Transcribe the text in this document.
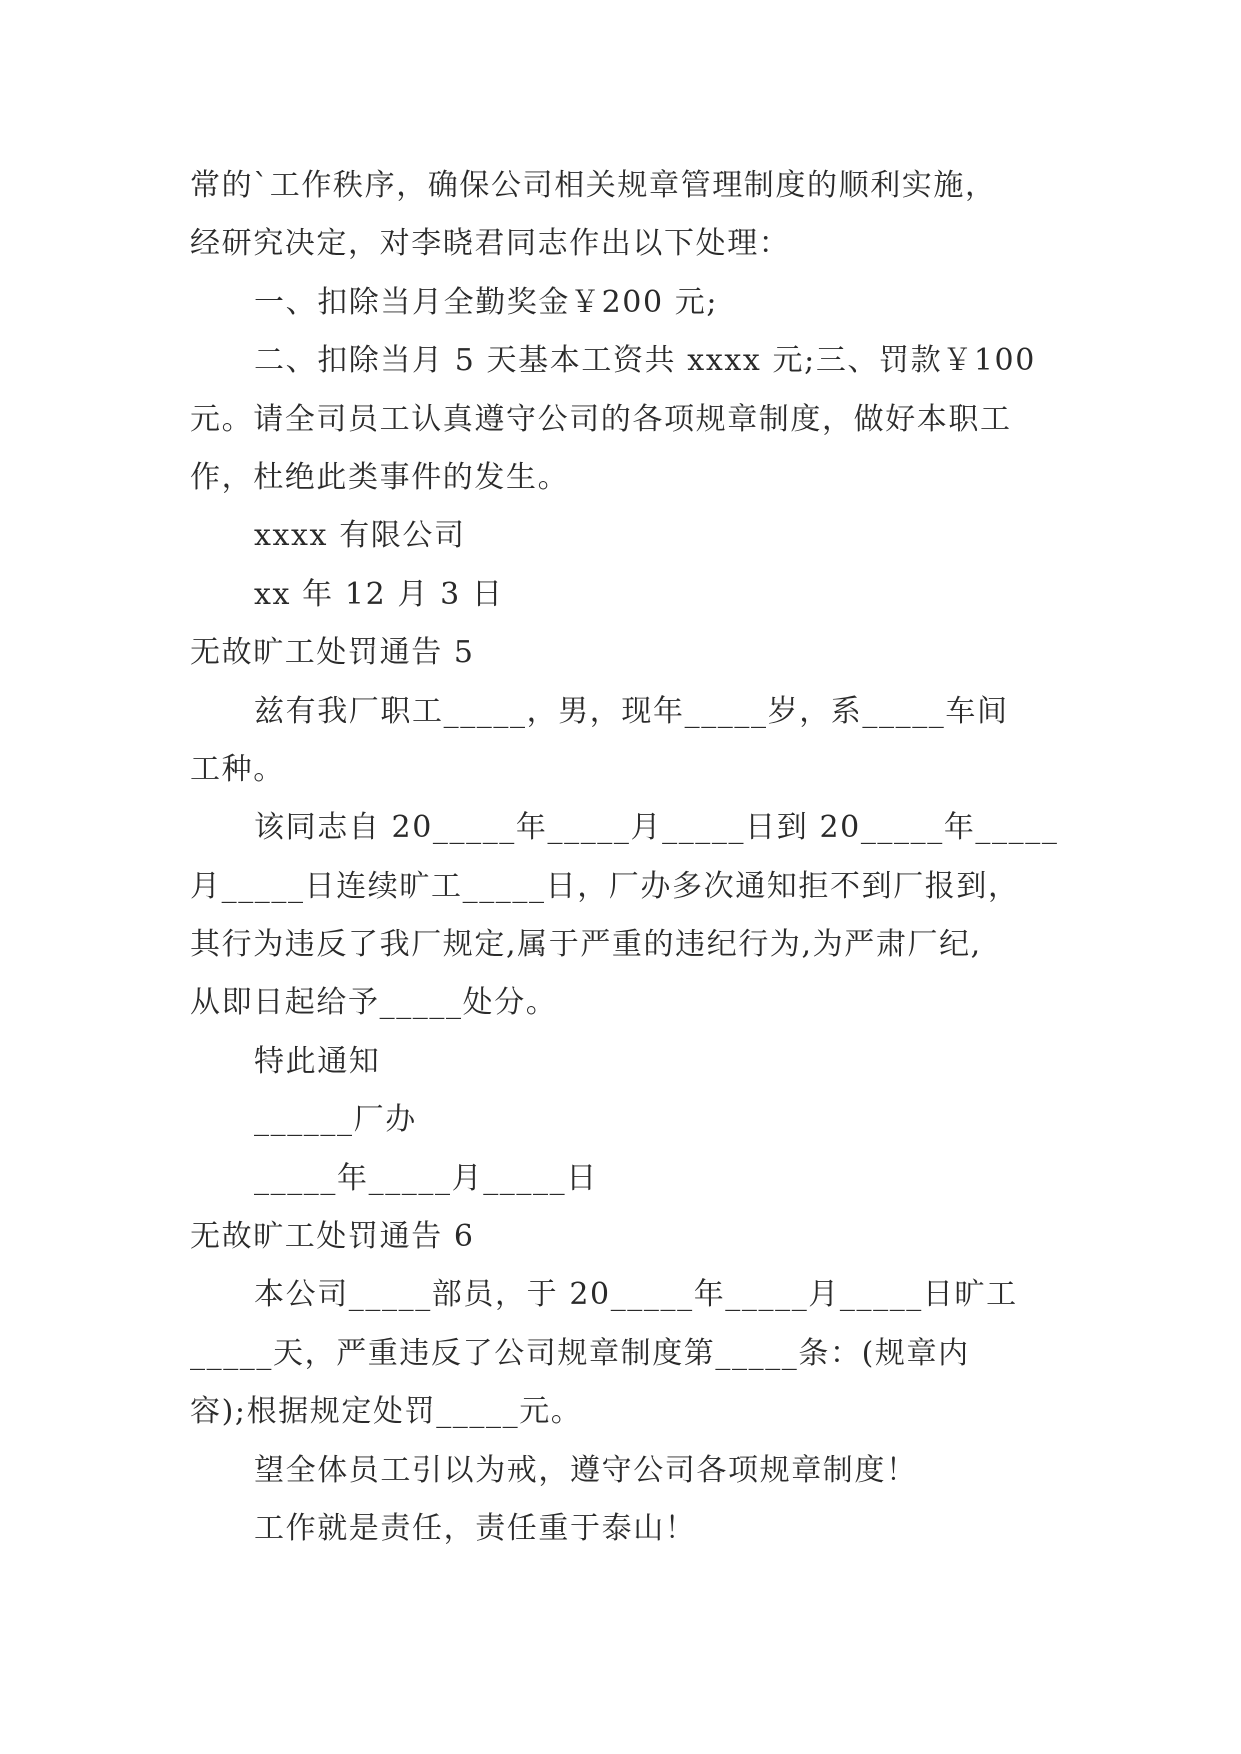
常的`工作秩序，确保公司相关规章管理制度的顺利实施，
经研究决定，对李晓君同志作出以下处理：
一、扣除当月全勤奖金￥200 元;
二、扣除当月 5 天基本工资共 xxxx 元;三、罚款￥100
元。请全司员工认真遵守公司的各项规章制度，做好本职工
作，杜绝此类事件的发生。
xxxx 有限公司
xx 年 12 月 3 日
无故旷工处罚通告 5
兹有我厂职工_____，男，现年_____岁，系_____车间
工种。
该同志自 20_____年_____月_____日到 20_____年_____
月_____日连续旷工_____日，厂办多次通知拒不到厂报到，
其行为违反了我厂规定,属于严重的违纪行为,为严肃厂纪,
从即日起给予_____处分。
特此通知
______厂办
_____年_____月_____日
无故旷工处罚通告 6
本公司_____部员，于 20_____年_____月_____日旷工
_____天，严重违反了公司规章制度第_____条：(规章内
容);根据规定处罚_____元。
望全体员工引以为戒，遵守公司各项规章制度！
工作就是责任，责任重于泰山！
